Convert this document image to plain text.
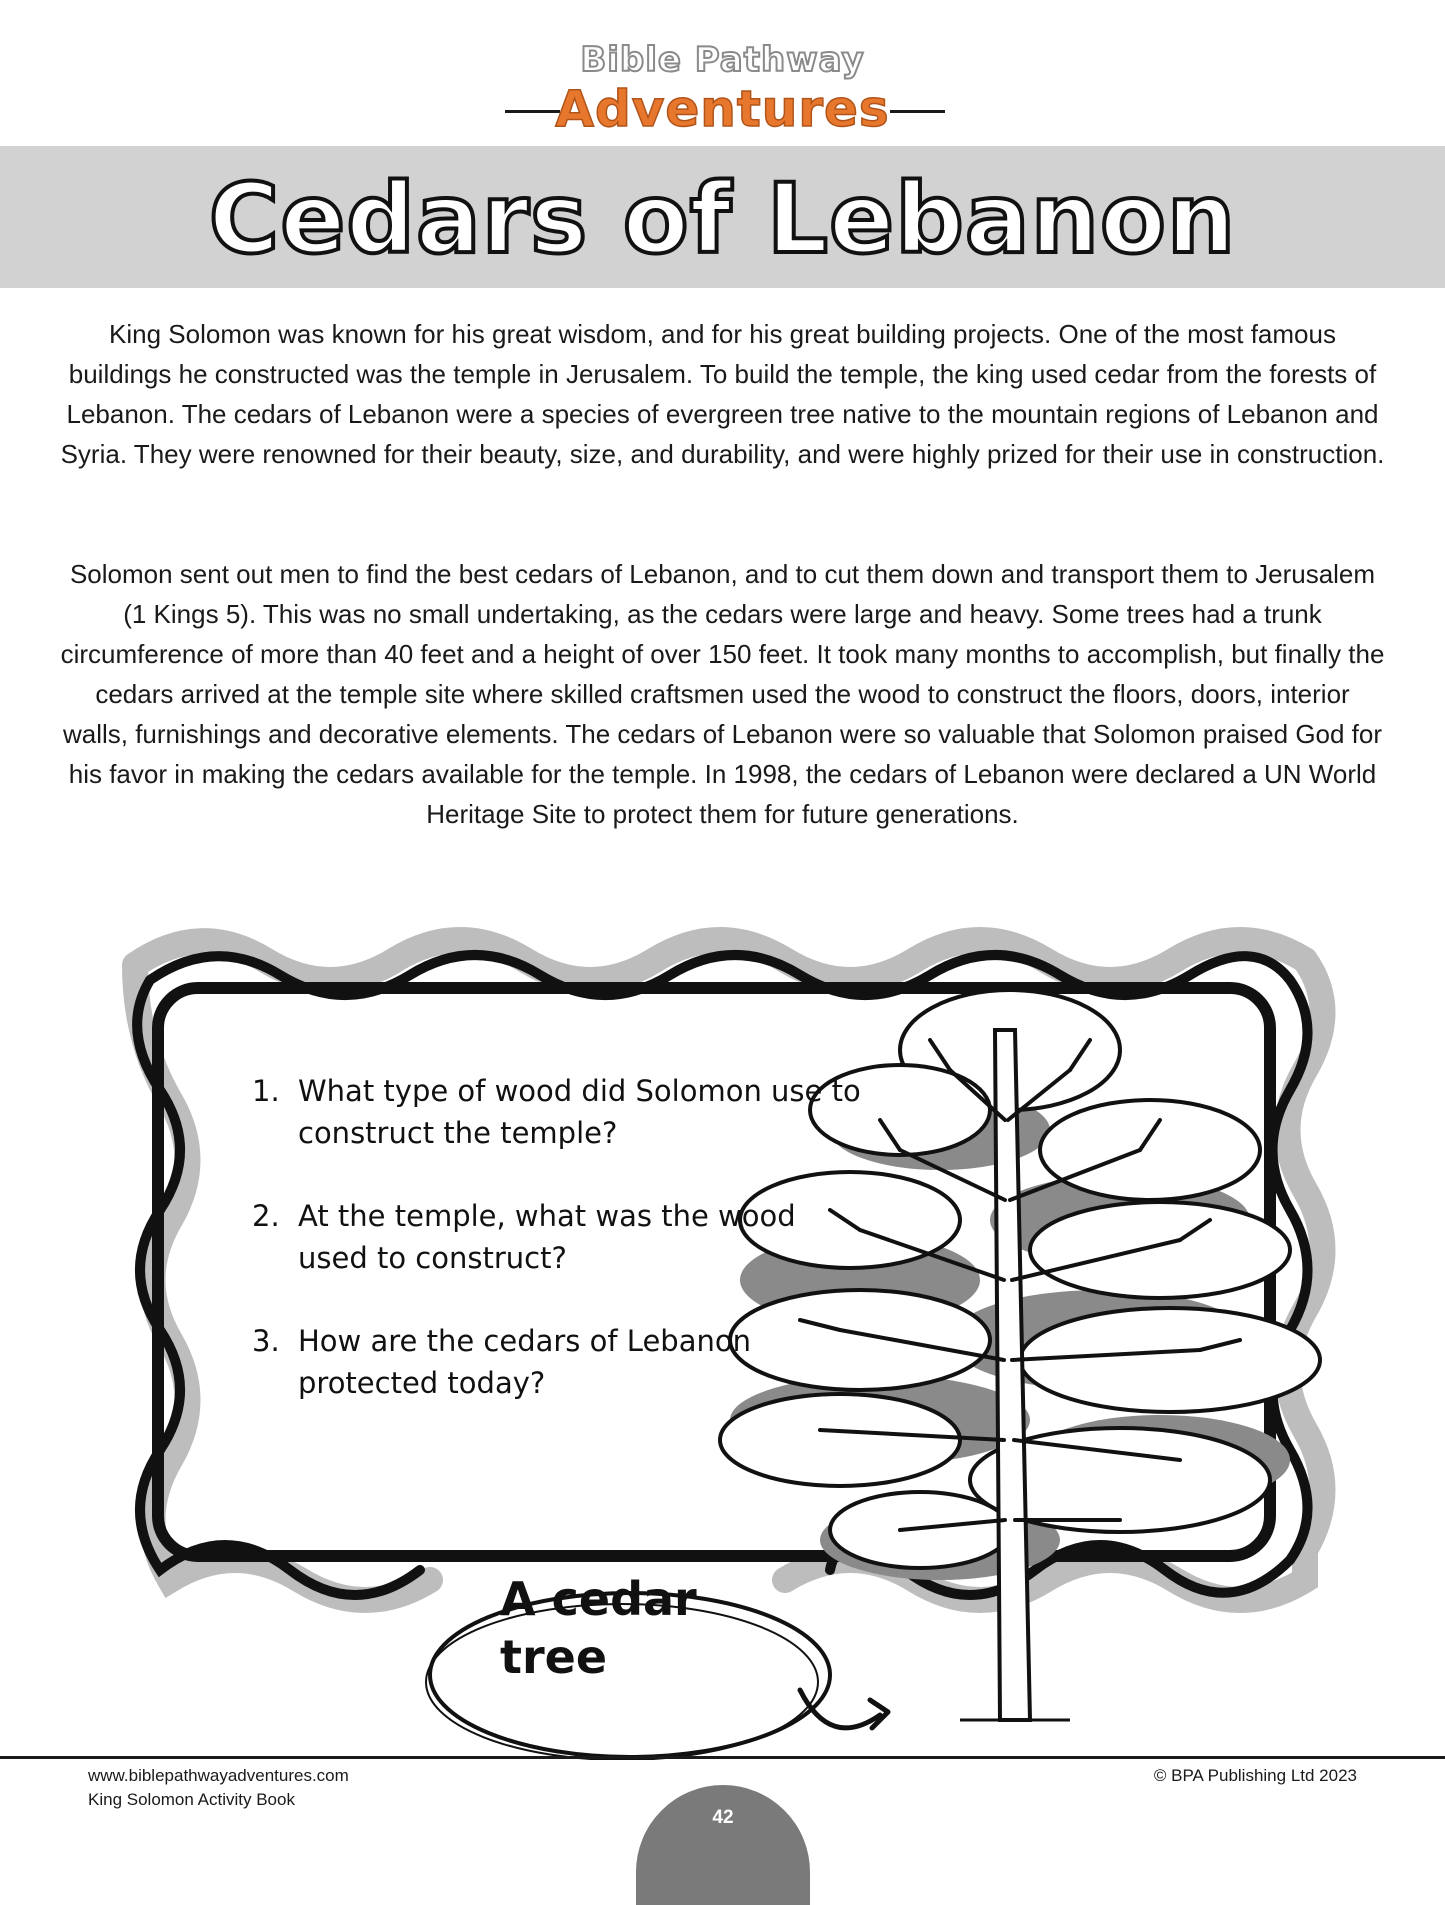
Bible Pathway
Adventures
Cedars of Lebanon
King Solomon was known for his great wisdom, and for his great building projects. One of the most famous buildings he constructed was the temple in Jerusalem. To build the temple, the king used cedar from the forests of Lebanon. The cedars of Lebanon were a species of evergreen tree native to the mountain regions of Lebanon and Syria. They were renowned for their beauty, size, and durability, and were highly prized for their use in construction.
Solomon sent out men to find the best cedars of Lebanon, and to cut them down and transport them to Jerusalem (1 Kings 5). This was no small undertaking, as the cedars were large and heavy. Some trees had a trunk circumference of more than 40 feet and a height of over 150 feet. It took many months to accomplish, but finally the cedars arrived at the temple site where skilled craftsmen used the wood to construct the floors, doors, interior walls, furnishings and decorative elements. The cedars of Lebanon were so valuable that Solomon praised God for his favor in making the cedars available for the temple. In 1998, the cedars of Lebanon were declared a UN World Heritage Site to protect them for future generations.
1. What type of wood did Solomon use to construct the temple?
2. At the temple, what was the wood used to construct?
3. How are the cedars of Lebanon protected today?
A cedar tree
www.biblepathwayadventures.com
King Solomon Activity Book
© BPA Publishing Ltd 2023
42
